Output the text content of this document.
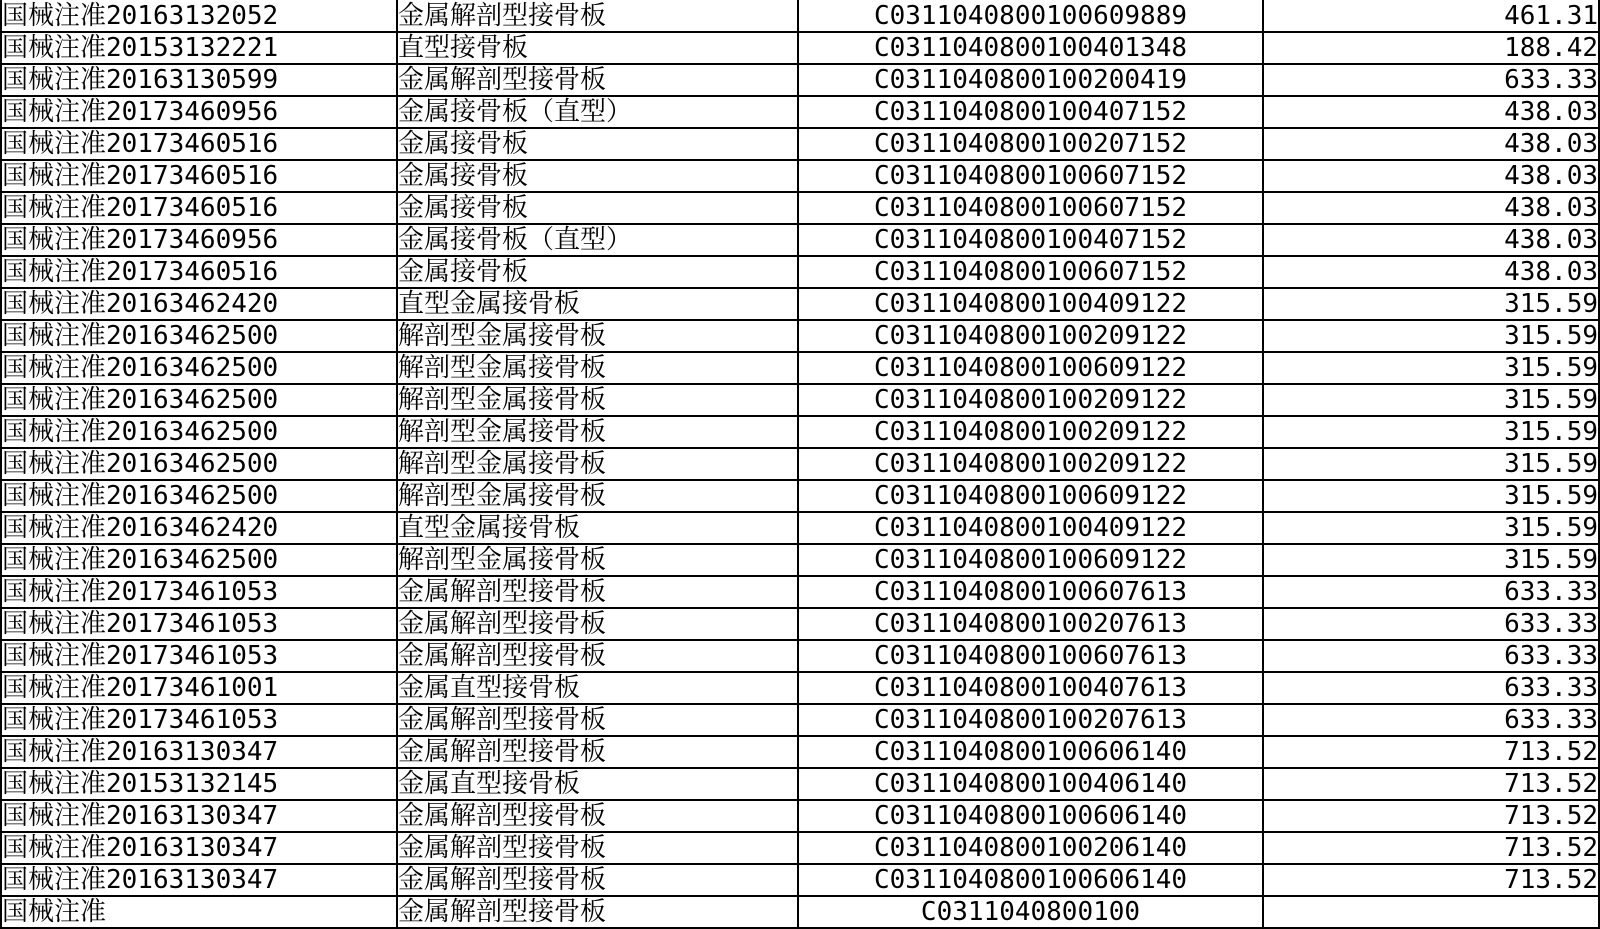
国械注准20163132052	金属解剖型接骨板	C0311040800100609889	461.31
国械注准20153132221	直型接骨板	C0311040800100401348	188.42
国械注准20163130599	金属解剖型接骨板	C0311040800100200419	633.33
国械注准20173460956	金属接骨板（直型）	C0311040800100407152	438.03
国械注准20173460516	金属接骨板	C0311040800100207152	438.03
国械注准20173460516	金属接骨板	C0311040800100607152	438.03
国械注准20173460516	金属接骨板	C0311040800100607152	438.03
国械注准20173460956	金属接骨板（直型）	C0311040800100407152	438.03
国械注准20173460516	金属接骨板	C0311040800100607152	438.03
国械注准20163462420	直型金属接骨板	C0311040800100409122	315.59
国械注准20163462500	解剖型金属接骨板	C0311040800100209122	315.59
国械注准20163462500	解剖型金属接骨板	C0311040800100609122	315.59
国械注准20163462500	解剖型金属接骨板	C0311040800100209122	315.59
国械注准20163462500	解剖型金属接骨板	C0311040800100209122	315.59
国械注准20163462500	解剖型金属接骨板	C0311040800100209122	315.59
国械注准20163462500	解剖型金属接骨板	C0311040800100609122	315.59
国械注准20163462420	直型金属接骨板	C0311040800100409122	315.59
国械注准20163462500	解剖型金属接骨板	C0311040800100609122	315.59
国械注准20173461053	金属解剖型接骨板	C0311040800100607613	633.33
国械注准20173461053	金属解剖型接骨板	C0311040800100207613	633.33
国械注准20173461053	金属解剖型接骨板	C0311040800100607613	633.33
国械注准20173461001	金属直型接骨板	C0311040800100407613	633.33
国械注准20173461053	金属解剖型接骨板	C0311040800100207613	633.33
国械注准20163130347	金属解剖型接骨板	C0311040800100606140	713.52
国械注准20153132145	金属直型接骨板	C0311040800100406140	713.52
国械注准20163130347	金属解剖型接骨板	C0311040800100606140	713.52
国械注准20163130347	金属解剖型接骨板	C0311040800100206140	713.52
国械注准20163130347	金属解剖型接骨板	C0311040800100606140	713.52
国械注准	金属解剖型接骨板	C0311040800100	
